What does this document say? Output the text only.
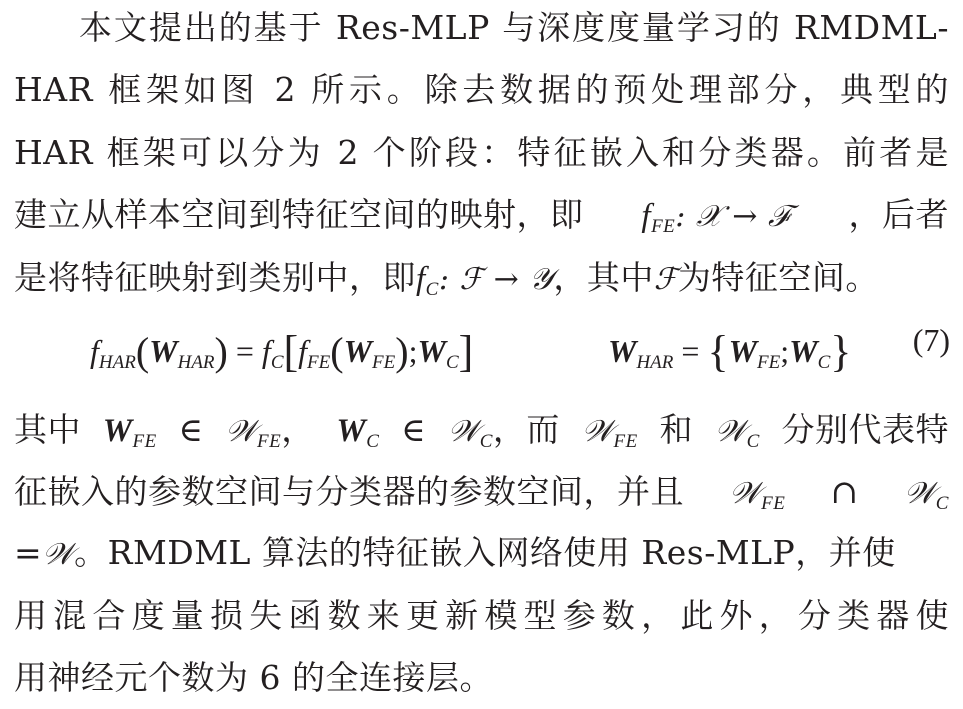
本文提出的基于 Res-MLP 与深度度量学习的 RMDML-
HAR 框架如图 2 所示。除去数据的预处理部分，典型的
HAR 框架可以分为 2 个阶段：特征嵌入和分类器。前者是
建立从样本空间到特征空间的映射，即 $f_{FE}$: 𝒳 → ℱ ，后者
是将特征映射到类别中，即$f_C$: ℱ → 𝒴，其中ℱ为特征空间。
$f_{HAR}(W_{HAR})$ = $f_C[f_{FE}(W_{FE});W_C]$	$W_{HAR}$ = $\{W_{FE};W_C\}$ (7)
其中 $W_{FE}$ ∈ 𝒲$_{FE}$， $W_C$ ∈ 𝒲$_C$，而 𝒲$_{FE}$ 和 𝒲$_C$ 分别代表特
征嵌入的参数空间与分类器的参数空间，并且 𝒲$_{FE}$ ∩ 𝒲$_C$
=𝒲。RMDML 算法的特征嵌入网络使用 Res-MLP，并使
用混合度量损失函数来更新模型参数，此外，分类器使
用神经元个数为 6 的全连接层。
